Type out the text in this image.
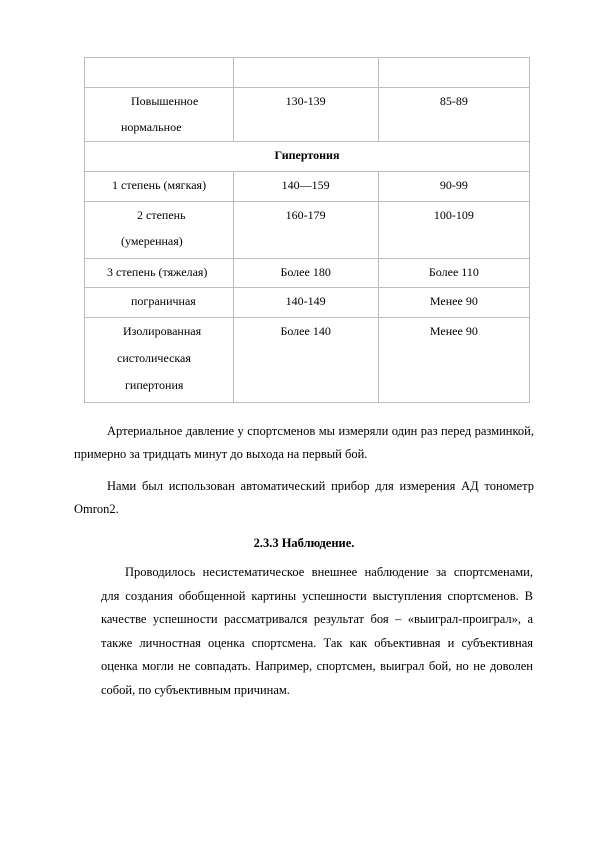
Повышенное
нормальное	130-139	85-89
Гипертония		

1 степень (мягкая)	140—159	90-99

2 степень
(умеренная)	160-179	100-109

3 степень (тяжелая)	Более 180	Более 110

пограничная	140-149	Менее 90

Изолированная
систолическая
гипертония	Более 140	Менее 90

Артериальное давление у спортсменов мы измеряли один раз перед разминкой, примерно за тридцать минут до выхода на первый бой.

Нами был использован автоматический прибор для измерения АД тонометр Omron2.

2.3.3 Наблюдение.

Проводилось несистематическое внешнее наблюдение за спортсменами, для создания обобщенной картины успешности выступления спортсменов. В качестве успешности рассматривался результат боя – «выиграл-проиграл», а также личностная оценка спортсмена. Так как объективная и субъективная оценка могли не совпадать. Например, спортсмен, выиграл бой, но не доволен собой, по субъективным причинам.
